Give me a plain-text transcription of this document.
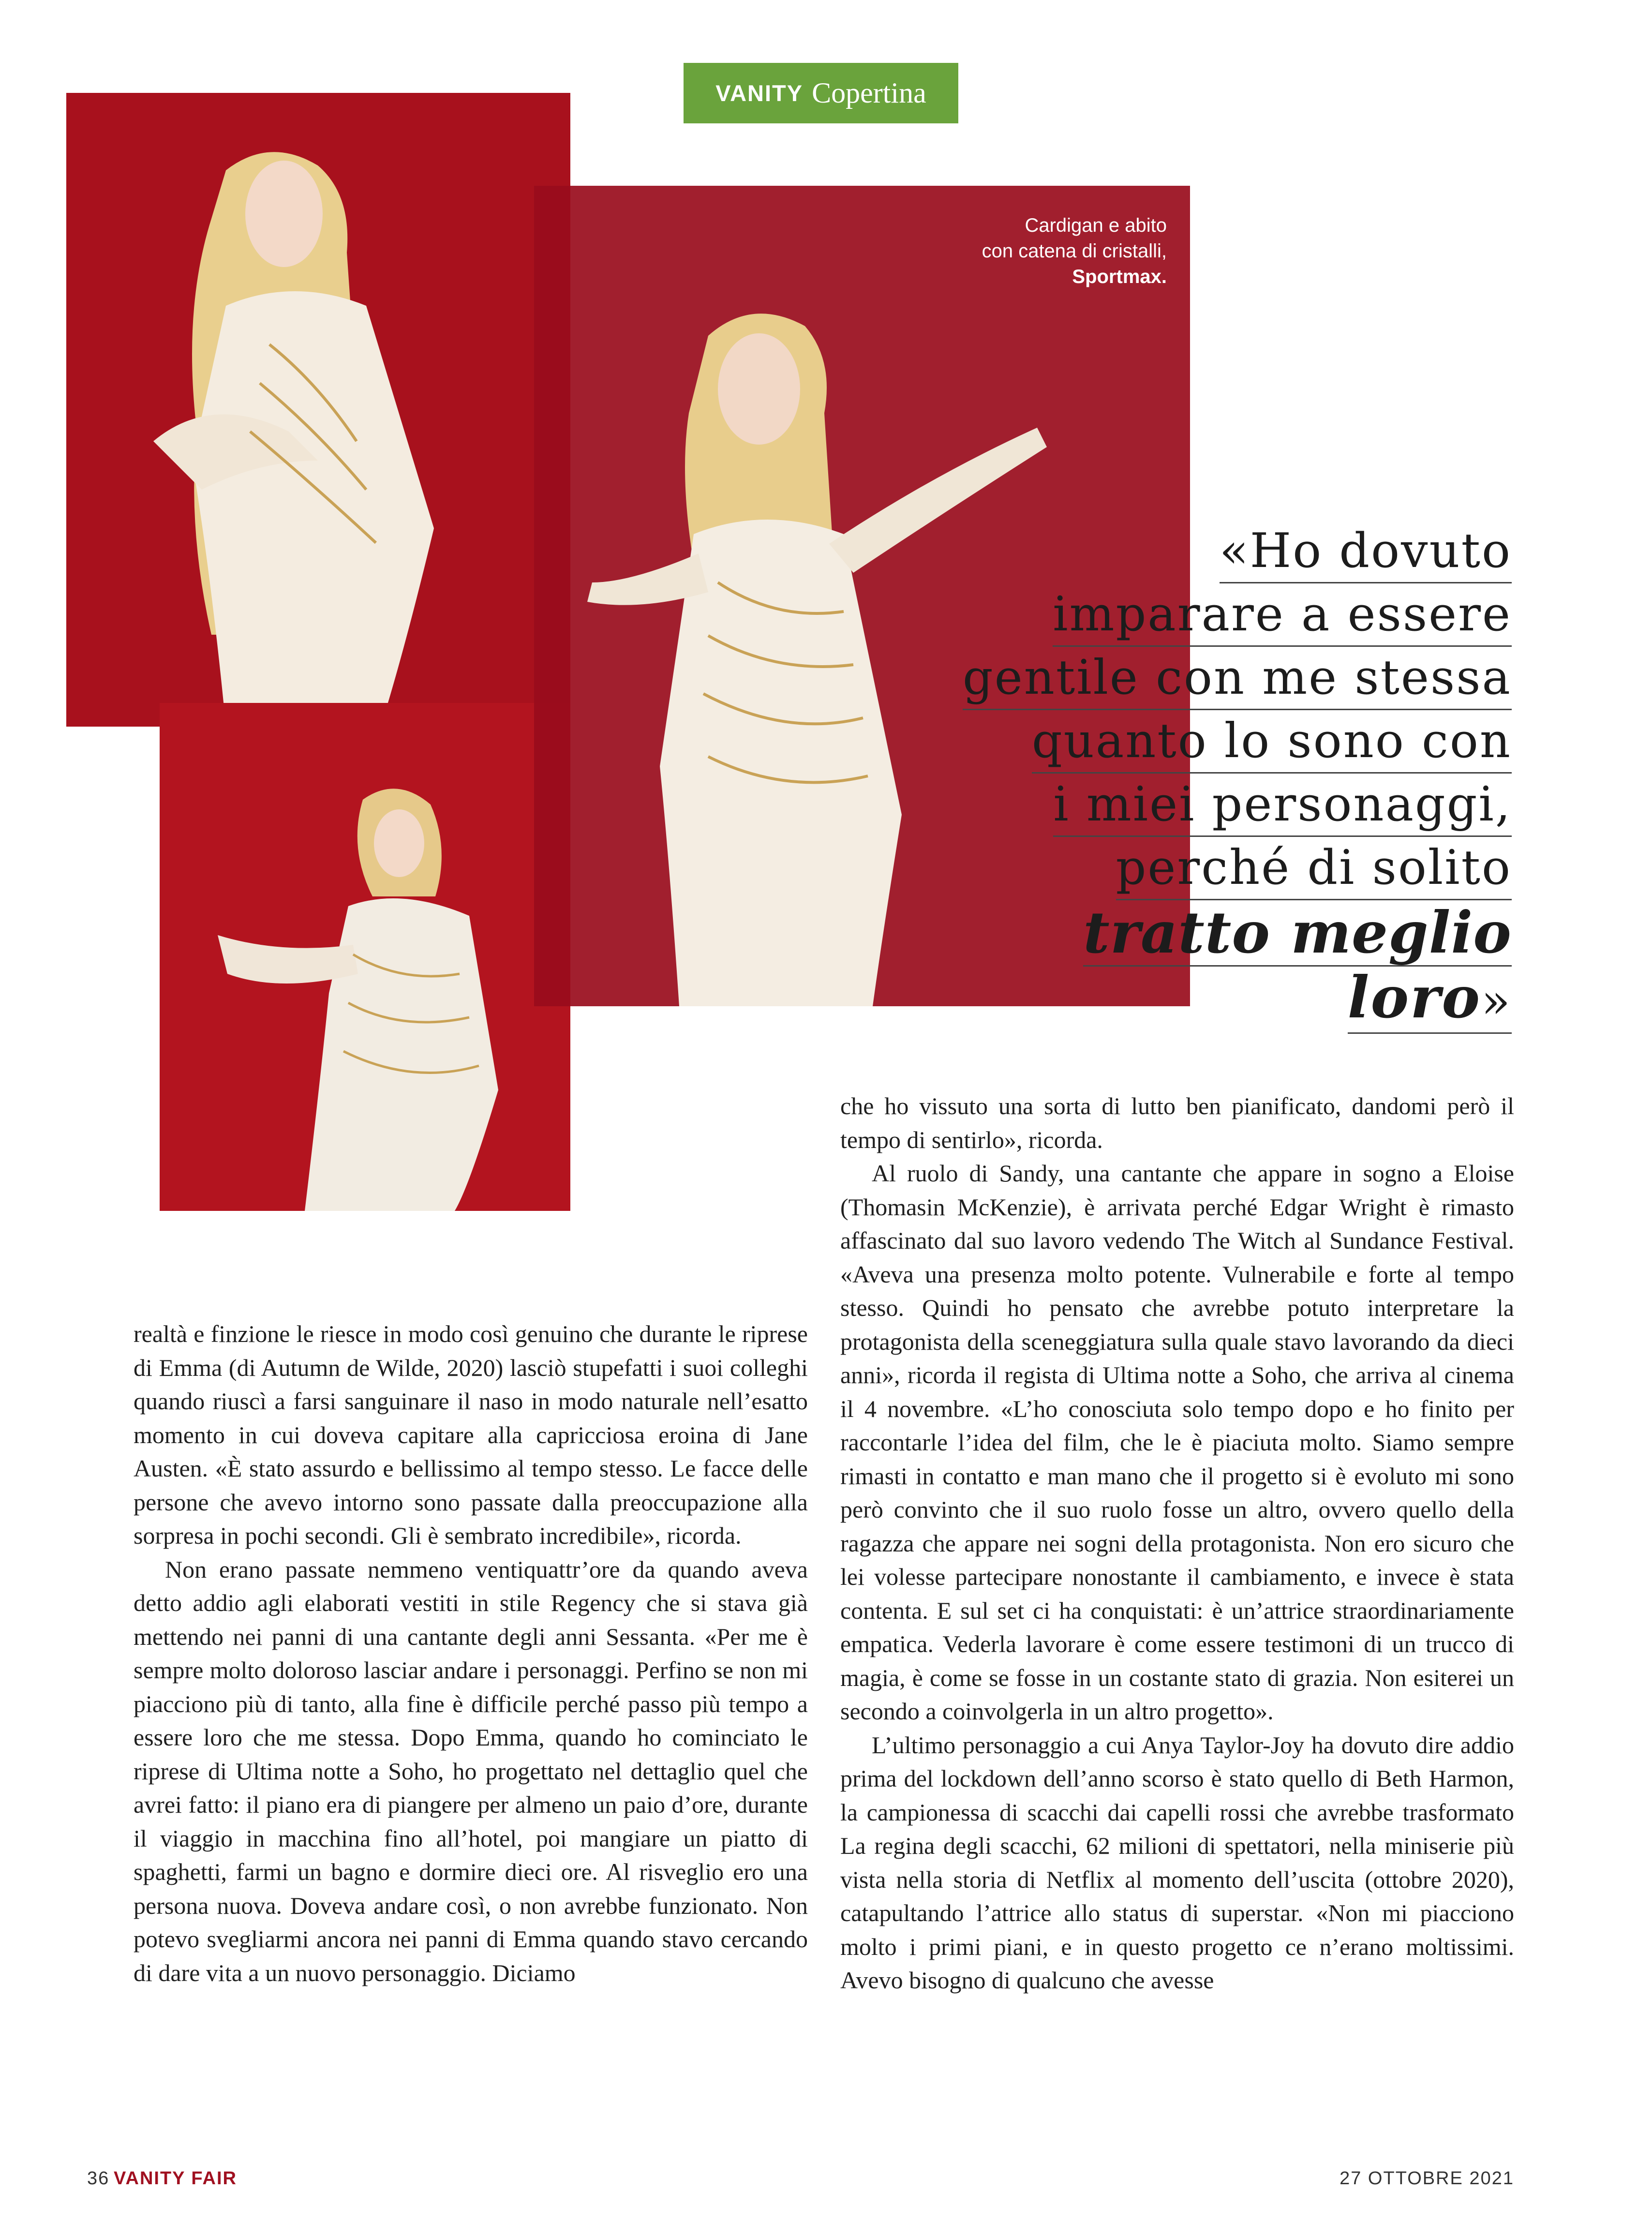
VANITY Copertina
Cardigan e abito
con catena di cristalli,
Sportmax.
«Ho dovuto
imparare a essere
gentile con me stessa
quanto lo sono con
i miei personaggi,
perché di solito
tratto meglio
loro»

realtà e finzione le riesce in modo così genuino che durante le riprese di Emma (di Autumn de Wilde, 2020) lasciò stupefatti i suoi colleghi quando riuscì a farsi sanguinare il naso in modo naturale nell’esatto momento in cui doveva capitare alla capricciosa eroina di Jane Austen. «È stato assurdo e bellissimo al tempo stesso. Le facce delle persone che avevo intorno sono passate dalla preoccupazione alla sorpresa in pochi secondi. Gli è sembrato incredibile», ricorda.

Non erano passate nemmeno ventiquattr’ore da quando aveva detto addio agli elaborati vestiti in stile Regency che si stava già mettendo nei panni di una cantante degli anni Sessanta. «Per me è sempre molto doloroso lasciar andare i personaggi. Perfino se non mi piacciono più di tanto, alla fine è difficile perché passo più tempo a essere loro che me stessa. Dopo Emma, quando ho cominciato le riprese di Ultima notte a Soho, ho progettato nel dettaglio quel che avrei fatto: il piano era di piangere per almeno un paio d’ore, durante il viaggio in macchina fino all’hotel, poi mangiare un piatto di spaghetti, farmi un bagno e dormire dieci ore. Al risveglio ero una persona nuova. Doveva andare così, o non avrebbe funzionato. Non potevo svegliarmi ancora nei panni di Emma quando stavo cercando di dare vita a un nuovo personaggio. Diciamo

che ho vissuto una sorta di lutto ben pianificato, dandomi però il tempo di sentirlo», ricorda.

Al ruolo di Sandy, una cantante che appare in sogno a Eloise (Thomasin McKenzie), è arrivata perché Edgar Wright è rimasto affascinato dal suo lavoro vedendo The Witch al Sundance Festival. «Aveva una presenza molto potente. Vulnerabile e forte al tempo stesso. Quindi ho pensato che avrebbe potuto interpretare la protagonista della sceneggiatura sulla quale stavo lavorando da dieci anni», ricorda il regista di Ultima notte a Soho, che arriva al cinema il 4 novembre. «L’ho conosciuta solo tempo dopo e ho finito per raccontarle l’idea del film, che le è piaciuta molto. Siamo sempre rimasti in contatto e man mano che il progetto si è evoluto mi sono però convinto che il suo ruolo fosse un altro, ovvero quello della ragazza che appare nei sogni della protagonista. Non ero sicuro che lei volesse partecipare nonostante il cambiamento, e invece è stata contenta. E sul set ci ha conquistati: è un’attrice straordinariamente empatica. Vederla lavorare è come essere testimoni di un trucco di magia, è come se fosse in un costante stato di grazia. Non esiterei un secondo a coinvolgerla in un altro progetto».

L’ultimo personaggio a cui Anya Taylor-Joy ha dovuto dire addio prima del lockdown dell’anno scorso è stato quello di Beth Harmon, la campionessa di scacchi dai capelli rossi che avrebbe trasformato La regina degli scacchi, 62 milioni di spettatori, nella miniserie più vista nella storia di Netflix al momento dell’uscita (ottobre 2020), catapultando l’attrice allo status di superstar. «Non mi piacciono molto i primi piani, e in questo progetto ce n’erano moltissimi. Avevo bisogno di qualcuno che avesse

36 VANITY FAIR	27 OTTOBRE 2021
